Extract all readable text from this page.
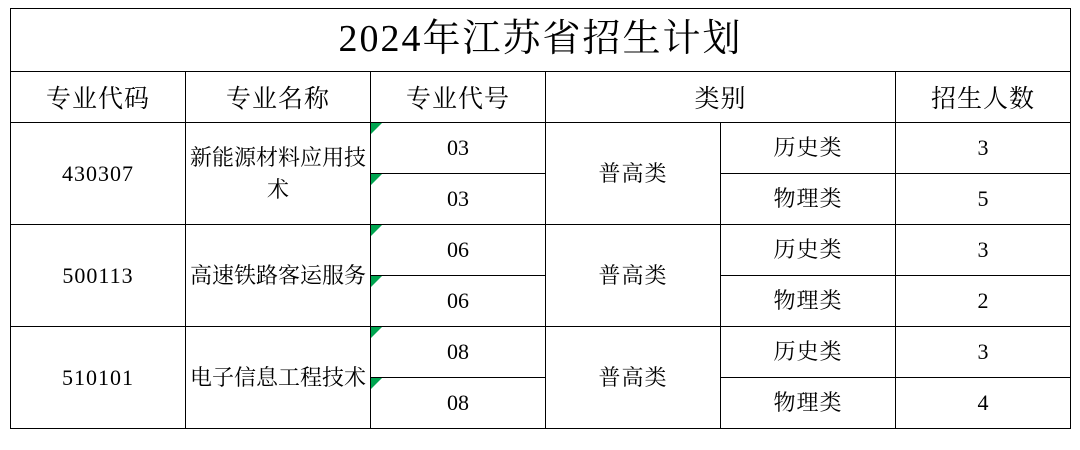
2024年江苏省招生计划					
专业代码	专业名称	专业代号	类别		招生人数
430307	新能源材料应用技术	03	普高类	历史类	3

03		物理类	5
500113	高速铁路客运服务	06	普高类	历史类	3

06		物理类	2
510101	电子信息工程技术	08	普高类	历史类	3

08		物理类	4
